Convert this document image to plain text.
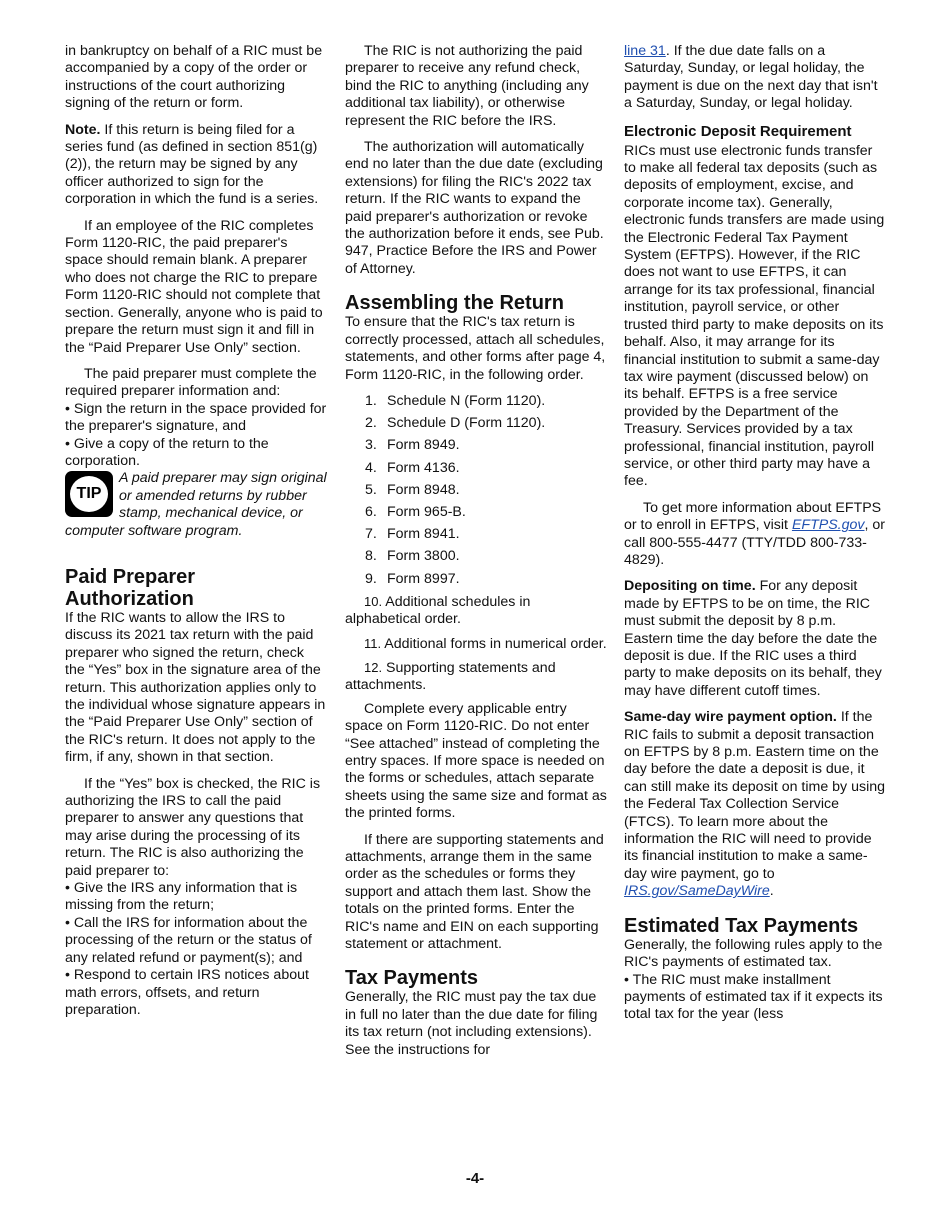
in bankruptcy on behalf of a RIC must be accompanied by a copy of the order or instructions of the court authorizing signing of the return or form.

Note. If this return is being filed for a series fund (as defined in section 851(g)(2)), the return may be signed by any officer authorized to sign for the corporation in which the fund is a series.

If an employee of the RIC completes Form 1120-RIC, the paid preparer's space should remain blank. A preparer who does not charge the RIC to prepare Form 1120-RIC should not complete that section. Generally, anyone who is paid to prepare the return must sign it and fill in the “Paid Preparer Use Only” section.

The paid preparer must complete the required preparer information and:

• Sign the return in the space provided for the preparer's signature, and

• Give a copy of the return to the corporation.

TIP
A paid preparer may sign original or amended returns by rubber stamp, mechanical device, or computer software program.
Paid Preparer Authorization

If the RIC wants to allow the IRS to discuss its 2021 tax return with the paid preparer who signed the return, check the “Yes” box in the signature area of the return. This authorization applies only to the individual whose signature appears in the “Paid Preparer Use Only” section of the RIC's return. It does not apply to the firm, if any, shown in that section.

If the “Yes” box is checked, the RIC is authorizing the IRS to call the paid preparer to answer any questions that may arise during the processing of its return. The RIC is also authorizing the paid preparer to:

• Give the IRS any information that is missing from the return;

• Call the IRS for information about the processing of the return or the status of any related refund or payment(s); and

• Respond to certain IRS notices about math errors, offsets, and return preparation.

The RIC is not authorizing the paid preparer to receive any refund check, bind the RIC to anything (including any additional tax liability), or otherwise represent the RIC before the IRS.

The authorization will automatically end no later than the due date (excluding extensions) for filing the RIC's 2022 tax return. If the RIC wants to expand the paid preparer's authorization or revoke the authorization before it ends, see Pub. 947, Practice Before the IRS and Power of Attorney.

Assembling the Return

To ensure that the RIC's tax return is correctly processed, attach all schedules, statements, and other forms after page 4, Form 1120-RIC, in the following order.

1. Schedule N (Form 1120).
2. Schedule D (Form 1120).
3. Form 8949.
4. Form 4136.
5. Form 8948.
6. Form 965-B.
7. Form 8941.
8. Form 3800.
9. Form 8997.

10. Additional schedules in alphabetical order.

11. Additional forms in numerical order.

12. Supporting statements and attachments.

Complete every applicable entry space on Form 1120-RIC. Do not enter “See attached” instead of completing the entry spaces. If more space is needed on the forms or schedules, attach separate sheets using the same size and format as the printed forms.

If there are supporting statements and attachments, arrange them in the same order as the schedules or forms they support and attach them last. Show the totals on the printed forms. Enter the RIC's name and EIN on each supporting statement or attachment.

Tax Payments

Generally, the RIC must pay the tax due in full no later than the due date for filing its tax return (not including extensions). See the instructions for

line 31. If the due date falls on a Saturday, Sunday, or legal holiday, the payment is due on the next day that isn't a Saturday, Sunday, or legal holiday.

Electronic Deposit Requirement

RICs must use electronic funds transfer to make all federal tax deposits (such as deposits of employment, excise, and corporate income tax). Generally, electronic funds transfers are made using the Electronic Federal Tax Payment System (EFTPS). However, if the RIC does not want to use EFTPS, it can arrange for its tax professional, financial institution, payroll service, or other trusted third party to make deposits on its behalf. Also, it may arrange for its financial institution to submit a same-day tax wire payment (discussed below) on its behalf. EFTPS is a free service provided by the Department of the Treasury. Services provided by a tax professional, financial institution, payroll service, or other third party may have a fee.

To get more information about EFTPS or to enroll in EFTPS, visit EFTPS.gov, or call 800-555-4477 (TTY/TDD 800-733-4829).

Depositing on time. For any deposit made by EFTPS to be on time, the RIC must submit the deposit by 8 p.m. Eastern time the day before the date the deposit is due. If the RIC uses a third party to make deposits on its behalf, they may have different cutoff times.

Same-day wire payment option. If the RIC fails to submit a deposit transaction on EFTPS by 8 p.m. Eastern time on the day before the date a deposit is due, it can still make its deposit on time by using the Federal Tax Collection Service (FTCS). To learn more about the information the RIC will need to provide its financial institution to make a same-day wire payment, go to IRS.gov/SameDayWire.

Estimated Tax Payments

Generally, the following rules apply to the RIC's payments of estimated tax.

• The RIC must make installment payments of estimated tax if it expects its total tax for the year (less

-4-
